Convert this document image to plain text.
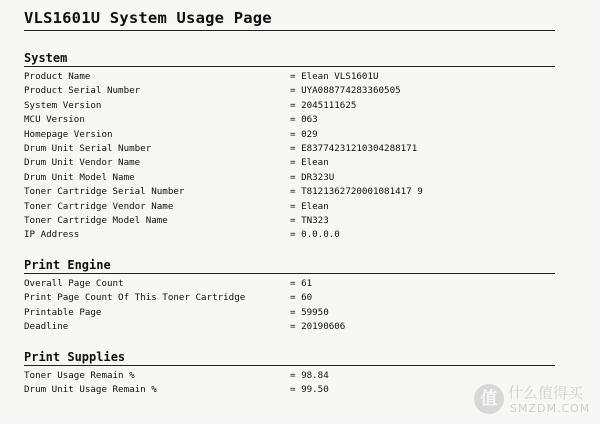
VLS1601U System Usage Page
System
Product Name	= Elean VLS1601U
Product Serial Number	= UYA088774283360505
System Version	= 2045111625
MCU Version	= 063
Homepage Version	= 029
Drum Unit Serial Number	= E83774231210304288171
Drum Unit Vendor Name	= Elean
Drum Unit Model Name	= DR323U
Toner Cartridge Serial Number	= T8121362720001081417 9
Toner Cartridge Vendor Name	= Elean
Toner Cartridge Model Name	= TN323
IP Address	= 0.0.0.0
Print Engine
Overall Page Count	= 61
Print Page Count Of This Toner Cartridge	= 60
Printable Page	= 59950
Deadline	= 20190606
Print Supplies
Toner Usage Remain %	= 98.84
Drum Unit Usage Remain %	= 99.50	值 什么值得买
SMZDM.COM
